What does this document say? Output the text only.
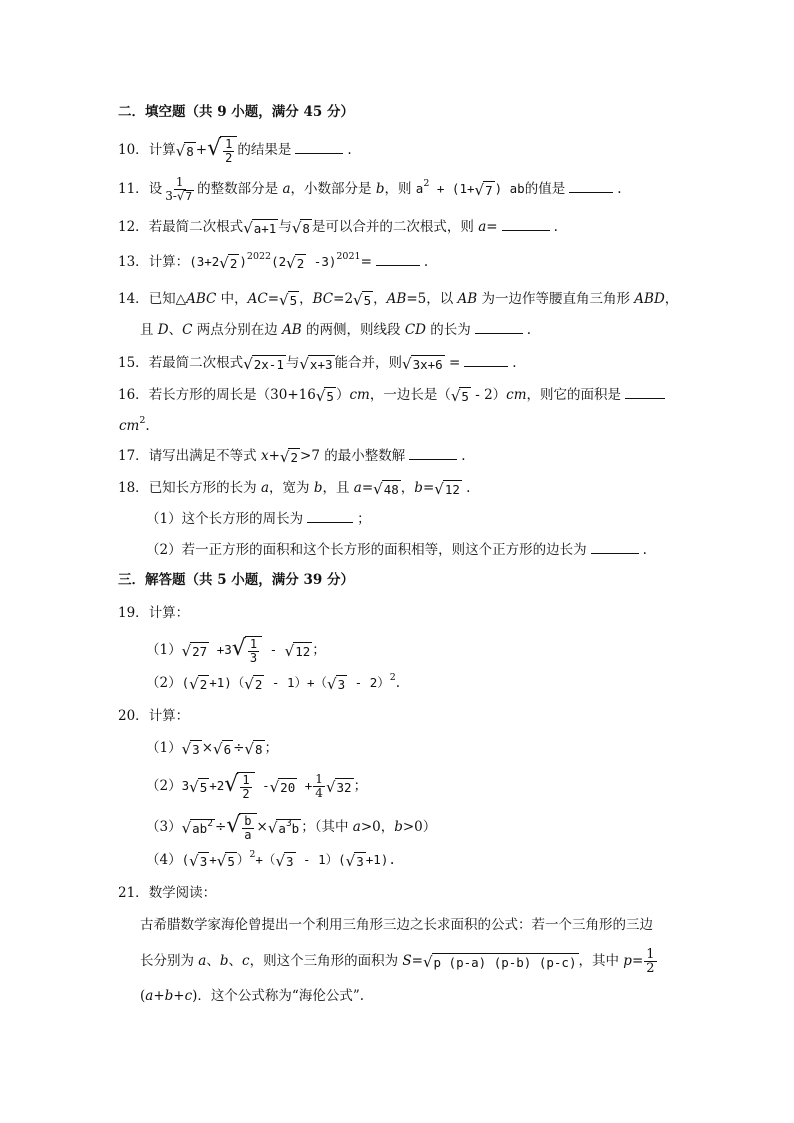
二．填空题（共 9 小题，满分 45 分）
10．计算 √ 8 + √ $\frac{1}{2}$ 的结果是	.
11．设 $\frac{1}{3- √ 7}$ 的整数部分是 a，小数部分是 b，则 $a^2 + (1+$ √ 7 ) ab的值是	.
12．若最简二次根式 √ a+1 与 √ 8 是可以合并的二次根式，则 a=	.
13．计算：(3+2 √ 2 )$^{2022}$(2 √ 2 -3)$^{2021}$=	.
14．已知△ABC 中，AC= √ 5 ，BC=2 √ 5 ，AB=5，以 AB 为一边作等腰直角三角形 ABD，
且 D、C 两点分别在边 AB 的两侧，则线段 CD 的长为	.
15．若最简二次根式 √ 2x-1 与 √ x+3 能合并，则 √ 3x+6 =	.
16．若长方形的周长是（30+16 √ 5 ）cm，一边长是（ √ 5 - 2）cm，则它的面积是
$cm^2$.
17．请写出满足不等式 x+ √ 2 >7 的最小整数解	.
18．已知长方形的长为 a，宽为 b，且 a= √ 48 ，b= √ 12 .
（1）这个长方形的周长为	；
（2）若一正方形的面积和这个长方形的面积相等，则这个正方形的边长为	.
三．解答题（共 5 小题，满分 39 分）
19．计算：
（1） √ 27 +3 √ $\frac{1}{3}$ - √ 12 ；
（2）( √ 2 +1)（ √ 2 - 1）+（ √ 3 - 2）$^2$.
20．计算：
（1） √ 3 × √ 6 ÷ √ 8 ；
（2）3 √ 5 +2 √ $\frac{1}{2}$ - √ $20 + \frac{1}{4}$ √ 32 ；
（3） √ $ab^2$ ÷ √ $\frac{b}{a}$ × √ $a^3b$ ；（其中 a>0，b>0）
（4）( √ 3 + √ 5 ）$^2$+（ √ 3 - 1）( √ 3 +1).
21．数学阅读：
古希腊数学家海伦曾提出一个利用三角形三边之长求面积的公式：若一个三角形的三边
长分别为 a、b、c，则这个三角形的面积为 S= √ p (p-a) (p-b) (p-c) ，其中 $p= \frac{1}{2}$
(a+b+c)．这个公式称为“海伦公式”.
